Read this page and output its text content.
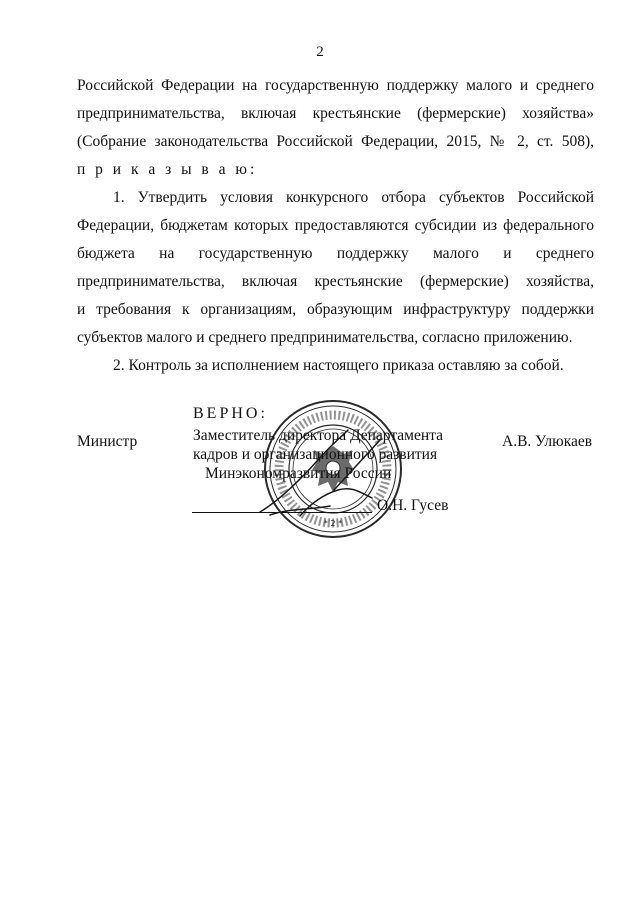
2
Российской Федерации на государственную поддержку малого и среднего
предпринимательства, включая крестьянские (фермерские) хозяйства»
(Собрание законодательства Российской Федерации, 2015, № 2, ст. 508),
п р и к а з ы в а ю:
1. Утвердить условия конкурсного отбора субъектов Российской
Федерации, бюджетам которых предоставляются субсидии из федерального
бюджета на государственную поддержку малого и среднего
предпринимательства, включая крестьянские (фермерские) хозяйства,
и требования к организациям, образующим инфраструктуру поддержки
субъектов малого и среднего предпринимательства, согласно приложению.
2. Контроль за исполнением настоящего приказа оставляю за собой.
Министр	А.В. Улюкаев
* 2 *
ВЕРНО:
Заместитель директора Департамента
кадров и организационного развития
Минэкономразвития России
О.Н. Гусев
